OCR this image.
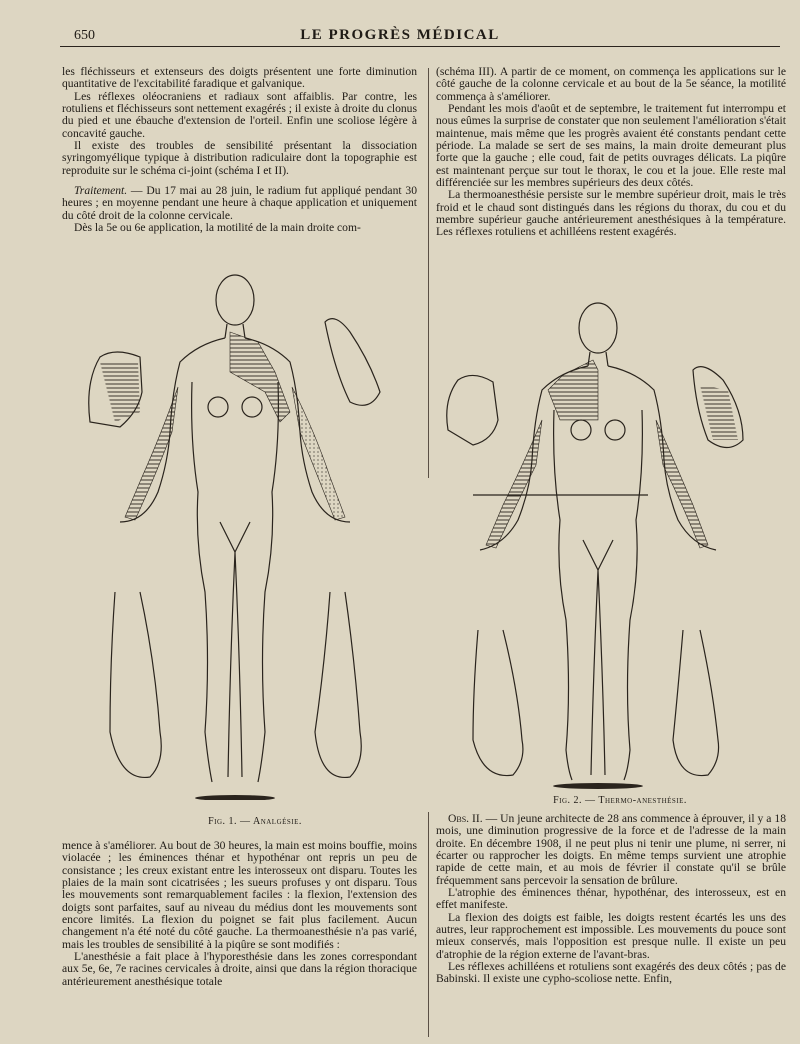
650	LE PROGRÈS MÉDICAL

les fléchisseurs et extenseurs des doigts présentent une forte diminution quantitative de l'excitabilité faradique et galvanique.

Les réflexes oléocraniens et radiaux sont affaiblis. Par contre, les rotuliens et fléchisseurs sont nettement exagérés ; il existe à droite du clonus du pied et une ébauche d'extension de l'orteil. Enfin une scoliose légère à concavité gauche.

Il existe des troubles de sensibilité présentant la dissociation syringomyélique typique à distribution radiculaire dont la topographie est reproduite sur le schéma ci-joint (schéma I et II).

Traitement. — Du 17 mai au 28 juin, le radium fut appliqué pendant 30 heures ; en moyenne pendant une heure à chaque application et uniquement du côté droit de la colonne cervicale.

Dès la 5e ou 6e application, la motilité de la main droite com-

(schéma III). A partir de ce moment, on commença les applications sur le côté gauche de la colonne cervicale et au bout de la 5e séance, la motilité commença à s'améliorer.

Pendant les mois d'août et de septembre, le traitement fut interrompu et nous eûmes la surprise de constater que non seulement l'amélioration s'était maintenue, mais même que les progrès avaient été constants pendant cette période. La malade se sert de ses mains, la main droite demeurant plus forte que la gauche ; elle coud, fait de petits ouvrages délicats. La piqûre est maintenant perçue sur tout le thorax, le cou et la joue. Elle reste mal différenciée sur les membres supérieurs des deux côtés.

La thermoanesthésie persiste sur le membre supérieur droit, mais le très froid et le chaud sont distingués dans les régions du thorax, du cou et du membre supérieur gauche antérieurement anesthésiques à la température. Les réflexes rotuliens et achilléens restent exagérés.

Fig. 1. — Analgésie.
Fig. 2. — Thermo-anesthésie.

mence à s'améliorer. Au bout de 30 heures, la main est moins bouffie, moins violacée ; les éminences thénar et hypothénar ont repris un peu de consistance ; les creux existant entre les interosseux ont disparu. Toutes les plaies de la main sont cicatrisées ; les sueurs profuses y ont disparu. Tous les mouvements sont remarquablement faciles : la flexion, l'extension des doigts sont parfaites, sauf au niveau du médius dont les mouvements sont encore limités. La flexion du poignet se fait plus facilement. Aucun changement n'a été noté du côté gauche. La thermoanesthésie n'a pas varié, mais les troubles de sensibilité à la piqûre se sont modifiés :

L'anesthésie a fait place à l'hyporesthésie dans les zones correspondant aux 5e, 6e, 7e racines cervicales à droite, ainsi que dans la région thoracique antérieurement anesthésique totale

Obs. II. — Un jeune architecte de 28 ans commence à éprouver, il y a 18 mois, une diminution progressive de la force et de l'adresse de la main droite. En décembre 1908, il ne peut plus ni tenir une plume, ni serrer, ni écarter ou rapprocher les doigts. En même temps survient une atrophie rapide de cette main, et au mois de février il constate qu'il se brûle fréquemment sans percevoir la sensation de brûlure.

L'atrophie des éminences thénar, hypothénar, des interosseux, est en effet manifeste.

La flexion des doigts est faible, les doigts restent écartés les uns des autres, leur rapprochement est impossible. Les mouvements du pouce sont mieux conservés, mais l'opposition est presque nulle. Il existe un peu d'atrophie de la région externe de l'avant-bras.

Les réflexes achilléens et rotuliens sont exagérés des deux côtés ; pas de Babinski. Il existe une cypho-scoliose nette. Enfin,
